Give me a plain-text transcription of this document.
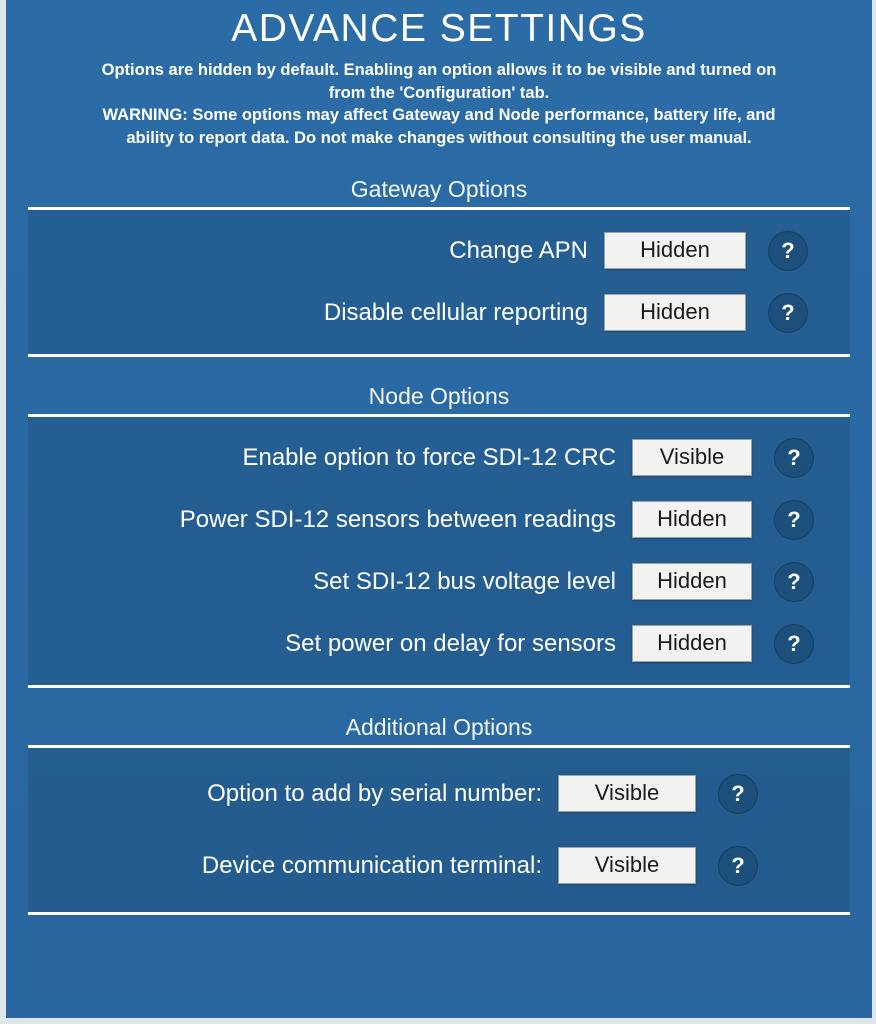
ADVANCE SETTINGS
Options are hidden by default. Enabling an option allows it to be visible and turned on
from the 'Configuration' tab.
WARNING: Some options may affect Gateway and Node performance, battery life, and
ability to report data. Do not make changes without consulting the user manual.
Gateway Options
Change APN	Hidden	?
Disable cellular reporting	Hidden	?
Node Options
Enable option to force SDI-12 CRC	Visible	?
Power SDI-12 sensors between readings	Hidden	?
Set SDI-12 bus voltage level	Hidden	?
Set power on delay for sensors	Hidden	?
Additional Options
Option to add by serial number:	Visible	?
Device communication terminal:	Visible	?
